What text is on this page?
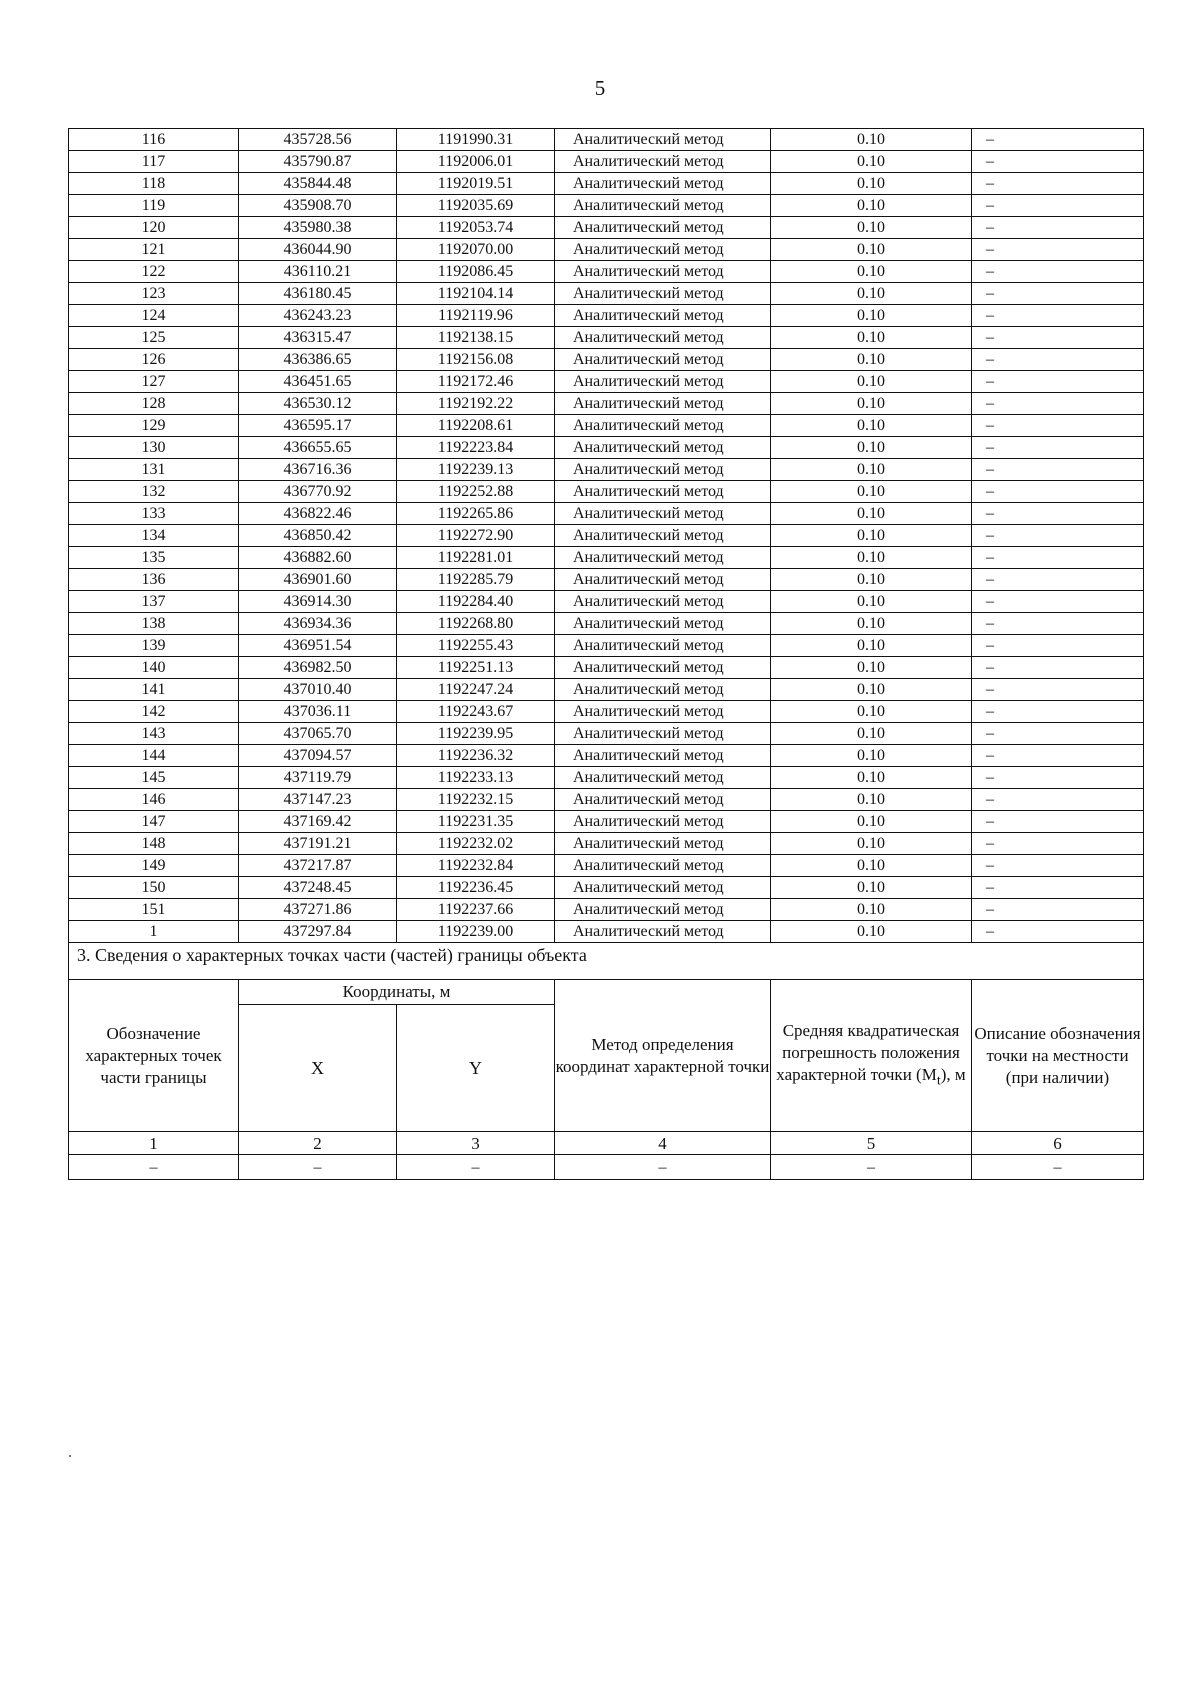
5
116	435728.56	1191990.31	Аналитический метод	0.10	–
117	435790.87	1192006.01	Аналитический метод	0.10	–
118	435844.48	1192019.51	Аналитический метод	0.10	–
119	435908.70	1192035.69	Аналитический метод	0.10	–
120	435980.38	1192053.74	Аналитический метод	0.10	–
121	436044.90	1192070.00	Аналитический метод	0.10	–
122	436110.21	1192086.45	Аналитический метод	0.10	–
123	436180.45	1192104.14	Аналитический метод	0.10	–
124	436243.23	1192119.96	Аналитический метод	0.10	–
125	436315.47	1192138.15	Аналитический метод	0.10	–
126	436386.65	1192156.08	Аналитический метод	0.10	–
127	436451.65	1192172.46	Аналитический метод	0.10	–
128	436530.12	1192192.22	Аналитический метод	0.10	–
129	436595.17	1192208.61	Аналитический метод	0.10	–
130	436655.65	1192223.84	Аналитический метод	0.10	–
131	436716.36	1192239.13	Аналитический метод	0.10	–
132	436770.92	1192252.88	Аналитический метод	0.10	–
133	436822.46	1192265.86	Аналитический метод	0.10	–
134	436850.42	1192272.90	Аналитический метод	0.10	–
135	436882.60	1192281.01	Аналитический метод	0.10	–
136	436901.60	1192285.79	Аналитический метод	0.10	–
137	436914.30	1192284.40	Аналитический метод	0.10	–
138	436934.36	1192268.80	Аналитический метод	0.10	–
139	436951.54	1192255.43	Аналитический метод	0.10	–
140	436982.50	1192251.13	Аналитический метод	0.10	–
141	437010.40	1192247.24	Аналитический метод	0.10	–
142	437036.11	1192243.67	Аналитический метод	0.10	–
143	437065.70	1192239.95	Аналитический метод	0.10	–
144	437094.57	1192236.32	Аналитический метод	0.10	–
145	437119.79	1192233.13	Аналитический метод	0.10	–
146	437147.23	1192232.15	Аналитический метод	0.10	–
147	437169.42	1192231.35	Аналитический метод	0.10	–
148	437191.21	1192232.02	Аналитический метод	0.10	–
149	437217.87	1192232.84	Аналитический метод	0.10	–
150	437248.45	1192236.45	Аналитический метод	0.10	–
151	437271.86	1192237.66	Аналитический метод	0.10	–
1	437297.84	1192239.00	Аналитический метод	0.10	–
3. Сведения о характерных точках части (частей) границы объекта					
Обозначение характерных точек части границы	Координаты, м		Метод определения координат характерной точки	Средняя квадратическая погрешность положения характерной точки $(M_t)$, м	Описание обозначения точки на местности (при наличии)
	X	Y			
1	2	3	4	5	6
–	–	–	–	–	–
